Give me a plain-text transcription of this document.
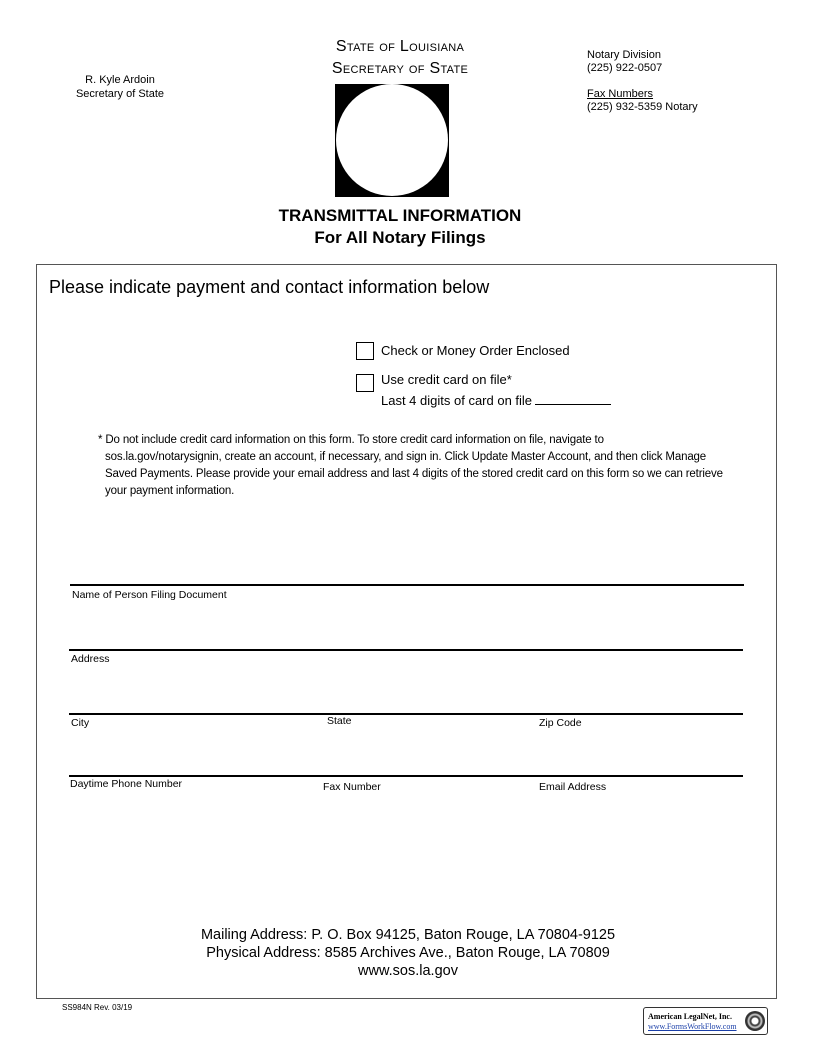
State of Louisiana
Secretary of State
R. Kyle Ardoin
Secretary of State
Notary Division
(225) 922-0507
Fax Numbers
(225) 932-5359 Notary
TRANSMITTAL INFORMATION
For All Notary Filings
Please indicate payment and contact information below
Check or Money Order Enclosed
Use credit card on file*
Last 4 digits of card on file
* Do not include credit card information on this form. To store credit card information on file, navigate to
sos.la.gov/notarysignin, create an account, if necessary, and sign in. Click Update Master Account, and then click Manage Saved Payments. Please provide your email address and last 4 digits of the stored credit card on this form so we can retrieve your payment information.
Name of Person Filing Document
Address
City	State	Zip Code
Daytime Phone Number	Fax Number	Email Address
Mailing Address: P. O. Box 94125, Baton Rouge, LA 70804-9125
Physical Address: 8585 Archives Ave., Baton Rouge, LA 70809
www.sos.la.gov
SS984N Rev. 03/19
American LegalNet, Inc.
www.FormsWorkFlow.com
